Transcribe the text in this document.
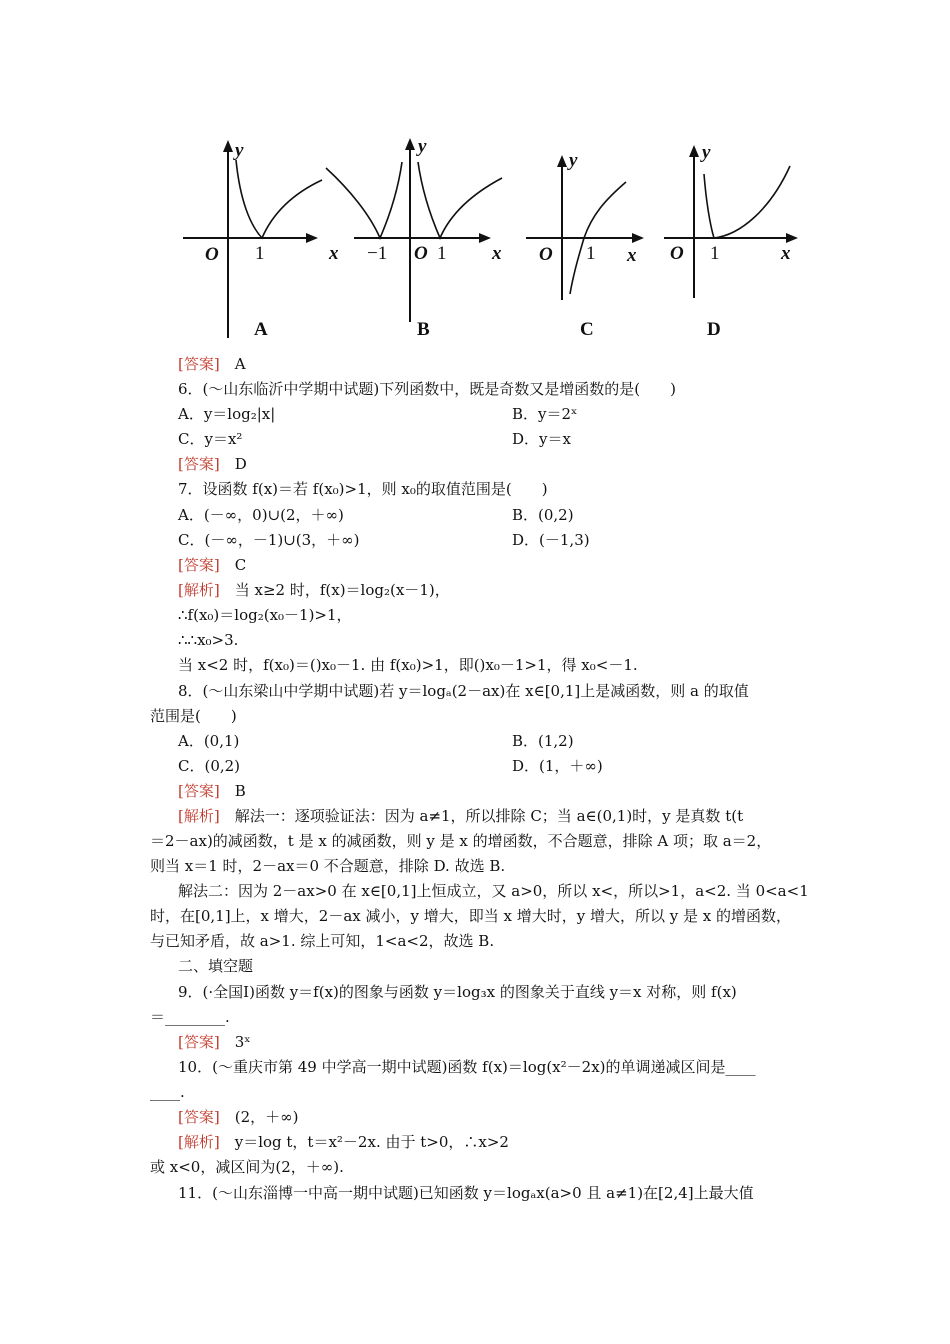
y
O 1	x
A
y
−1 O 1 x
B
y
O 1 x
C
y
O 1	x
D
[答案]　 A
6．(～山东临沂中学期中试题)下列函数中，既是奇数又是增函数的是(　　)
A．y＝log₂|x|	B．y＝2ˣ
C．y＝x²	D．y＝x
[答案]　 D
7．设函数 f(x)＝若 f(x₀)>1，则 x₀的取值范围是(　　)
A．(－∞，0)∪(2，＋∞)	B．(0,2)
C．(－∞，－1)∪(3，＋∞)	D．(－1,3)
[答案]　 C
[解析]　 当 x≥2 时，f(x)＝log₂(x－1)，
∴f(x₀)＝log₂(x₀－1)>1，
∴∴x₀>3.
当 x<2 时，f(x₀)＝()x₀－1. 由 f(x₀)>1，即()x₀－1>1，得 x₀<－1.
8．(～山东梁山中学期中试题)若 y＝logₐ(2－ax)在 x∈[0,1]上是减函数，则 a 的取值
范围是(　　)
A．(0,1)	B．(1,2)
C．(0,2)	D．(1，＋∞)
[答案]　 B
[解析]　 解法一：逐项验证法：因为 a≠1，所以排除 C；当 a∈(0,1)时，y 是真数 t(t
＝2－ax)的减函数，t 是 x 的减函数，则 y 是 x 的增函数，不合题意，排除 A 项；取 a＝2，
则当 x＝1 时，2－ax＝0 不合题意，排除 D. 故选 B.
解法二：因为 2－ax>0 在 x∈[0,1]上恒成立，又 a>0，所以 x<，所以>1，a<2. 当 0<a<1
时，在[0,1]上，x 增大，2－ax 减小，y 增大，即当 x 增大时，y 增大，所以 y 是 x 的增函数，
与已知矛盾，故 a>1. 综上可知，1<a<2，故选 B.
二、填空题
9．(·全国Ⅰ)函数 y＝f(x)的图象与函数 y＝log₃x 的图象关于直线 y＝x 对称，则 f(x)
＝________.
[答案]　 3ˣ
10．(～重庆市第 49 中学高一期中试题)函数 f(x)＝log(x²－2x)的单调递减区间是____
____.
[答案]　 (2，＋∞)
[解析]　 y＝log t，t＝x²－2x. 由于 t>0，∴x>2
或 x<0，减区间为(2，＋∞).
11．(～山东淄博一中高一期中试题)已知函数 y＝logₐx(a>0 且 a≠1)在[2,4]上最大值
